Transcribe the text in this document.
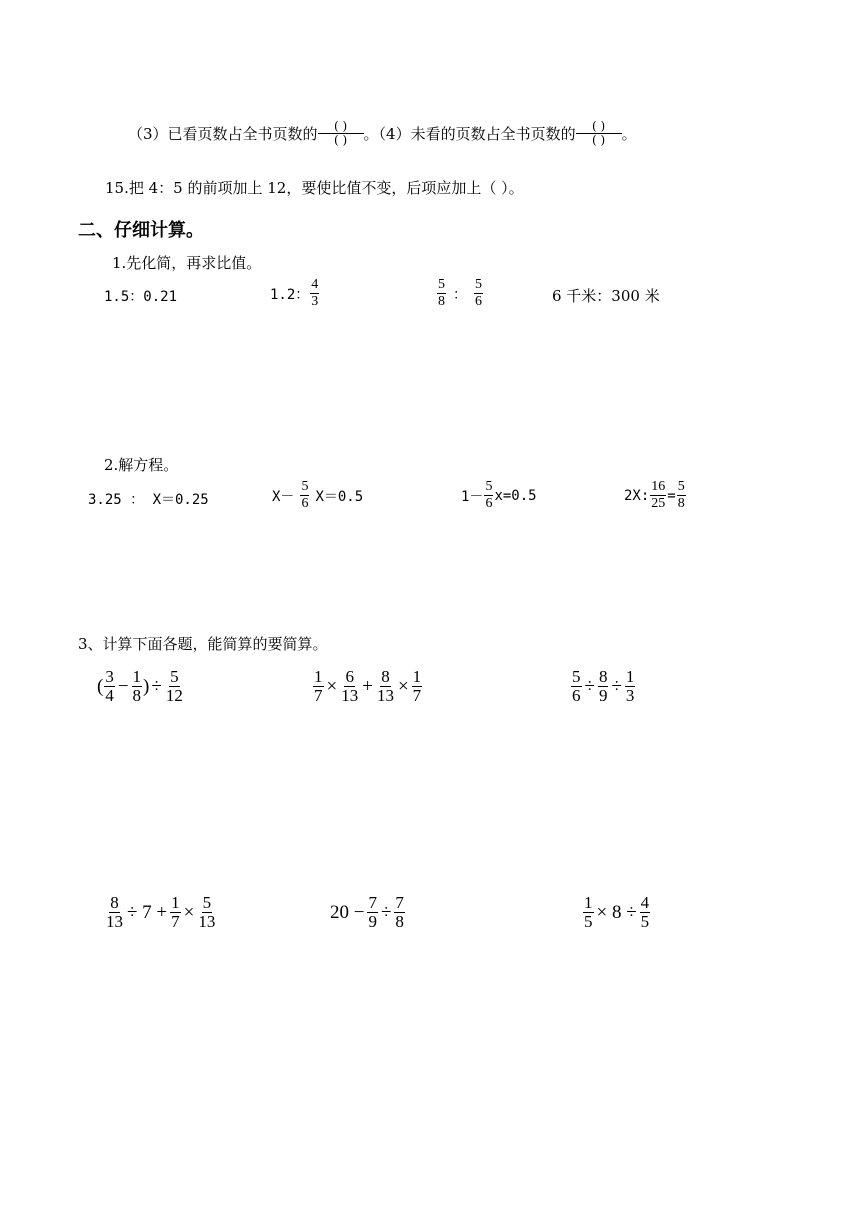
（3）已看页数占全书页数的 $\frac{( )}{( )}$ 。（4）未看的页数占全书页数的 $\frac{( )}{( )}$ 。
15.把 4：5 的前项加上 12，要使比值不变，后项应加上（ ）。
二、仔细计算。
1.先化简，再求比值。
1.5：0.21	1.2： $\frac{4}{3}$	$\frac{5}{8}$ ： $\frac{5}{6}$	6 千米：300 米
2.解方程。
3.25 ： X＝0.25	$X- \frac{5}{6} X=0.5$	$1- \frac{5}{6} x=0.5$	2X: $\frac{16}{25} = \frac{5}{8}$
3、计算下面各题，能简算的要简算。
( $\frac{3}{4} - \frac{1}{8}$ ) ÷ $\frac{5}{12}$	$\frac{1}{7} \times \frac{6}{13} + \frac{8}{13} \times \frac{1}{7}$	$\frac{5}{6} \div \frac{8}{9} \div \frac{1}{3}$
$\frac{8}{13} \div 7 + \frac{1}{7} \times \frac{5}{13}$	$20 - \frac{7}{9} \div \frac{7}{8}$	$\frac{1}{5} \times 8 \div \frac{4}{5}$
